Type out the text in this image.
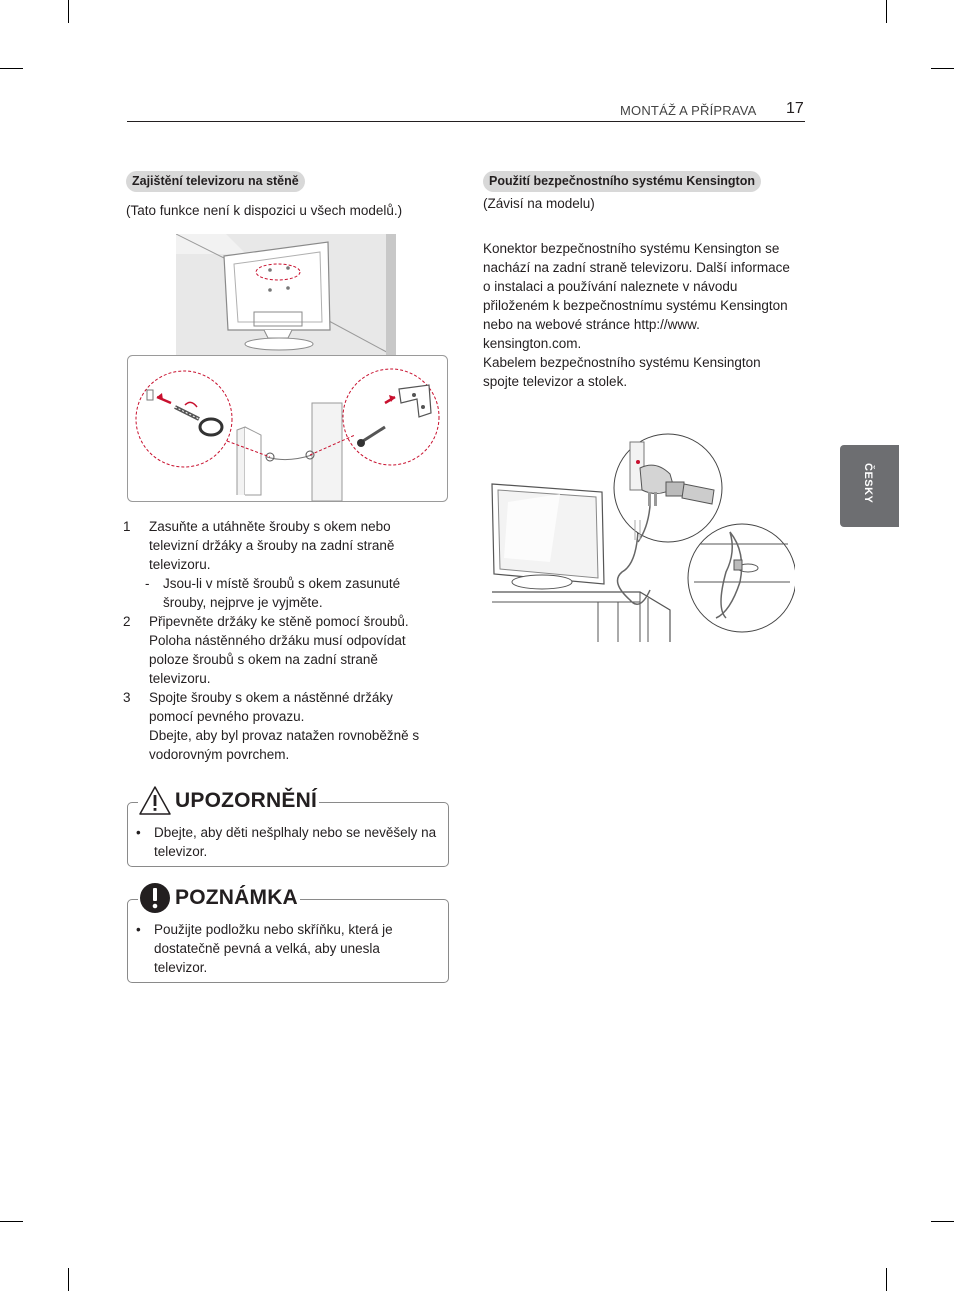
MONTÁŽ A PŘÍPRAVA 17
ČESKY
Zajištění televizoru na stěně
(Tato funkce není k dispozici u všech modelů.)
1 Zasuňte a utáhněte šrouby s okem nebo televizní držáky a šrouby na zadní straně televizoru.
- Jsou-li v místě šroubů s okem zasunuté šrouby, nejprve je vyjměte.
2 Připevněte držáky ke stěně pomocí šroubů. Poloha nástěnného držáku musí odpovídat poloze šroubů s okem na zadní straně televizoru.
3 Spojte šrouby s okem a nástěnné držáky pomocí pevného provazu.
Dbejte, aby byl provaz natažen rovnoběžně s vodorovným povrchem.
UPOZORNĚNÍ
• Dbejte, aby děti nešplhaly nebo se nevěšely na televizor.
POZNÁMKA
• Použijte podložku nebo skříňku, která je dostatečně pevná a velká, aby unesla televizor.
Použití bezpečnostního systému Kensington
(Závisí na modelu)
Konektor bezpečnostního systému Kensington se nachází na zadní straně televizoru. Další informace o instalaci a používání naleznete v návodu přiloženém k bezpečnostnímu systému Kensington nebo na webové stránce http://www. kensington.com.
Kabelem bezpečnostního systému Kensington spojte televizor a stolek.
